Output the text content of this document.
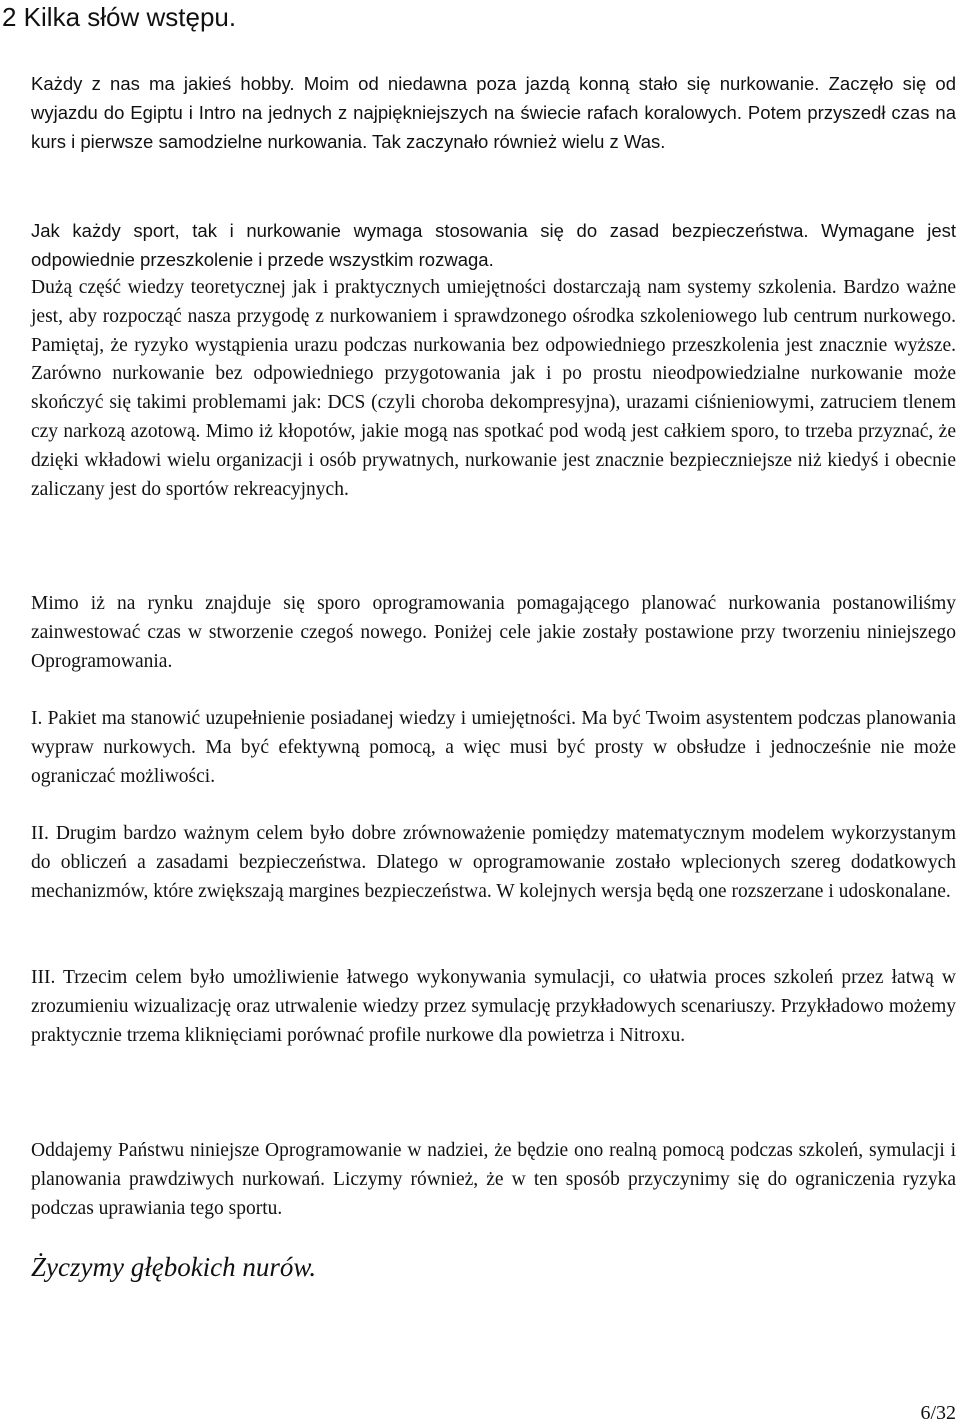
2 Kilka słów wstępu.

Każdy z nas ma jakieś hobby. Moim od niedawna poza jazdą konną stało się nurkowanie. Zaczęło się od wyjazdu do Egiptu i Intro na jednych z najpiękniejszych na świecie rafach koralowych. Potem przyszedł czas na kurs i pierwsze samodzielne nurkowania. Tak zaczynało również wielu z Was.

Jak każdy sport, tak i nurkowanie wymaga stosowania się do zasad bezpieczeństwa. Wymagane jest odpowiednie przeszkolenie i przede wszystkim rozwaga.

Dużą część wiedzy teoretycznej jak i praktycznych umiejętności dostarczają nam systemy szkolenia. Bardzo ważne jest, aby rozpocząć nasza przygodę z nurkowaniem i sprawdzonego ośrodka szkoleniowego lub centrum nurkowego. Pamiętaj, że ryzyko wystąpienia urazu podczas nurkowania bez odpowiedniego przeszkolenia jest znacznie wyższe. Zarówno nurkowanie bez odpowiedniego przygotowania jak i po prostu nieodpowiedzialne nurkowanie może skończyć się takimi problemami jak: DCS (czyli choroba dekompresyjna), urazami ciśnieniowymi, zatruciem tlenem czy narkozą azotową. Mimo iż kłopotów, jakie mogą nas spotkać pod wodą jest całkiem sporo, to trzeba przyznać, że dzięki wkładowi wielu organizacji i osób prywatnych, nurkowanie jest znacznie bezpieczniejsze niż kiedyś i obecnie zaliczany jest do sportów rekreacyjnych.

Mimo iż na rynku znajduje się sporo oprogramowania pomagającego planować nurkowania postanowiliśmy zainwestować czas w stworzenie czegoś nowego. Poniżej cele jakie zostały postawione przy tworzeniu niniejszego Oprogramowania.

I. Pakiet ma stanowić uzupełnienie posiadanej wiedzy i umiejętności. Ma być Twoim asystentem podczas planowania wypraw nurkowych. Ma być efektywną pomocą, a więc musi być prosty w obsłudze i jednocześnie nie może ograniczać możliwości.

II. Drugim bardzo ważnym celem było dobre zrównoważenie pomiędzy matematycznym modelem wykorzystanym do obliczeń a zasadami bezpieczeństwa. Dlatego w oprogramowanie zostało wplecionych szereg dodatkowych mechanizmów, które zwiększają margines bezpieczeństwa. W kolejnych wersja będą one rozszerzane i udoskonalane.

III. Trzecim celem było umożliwienie łatwego wykonywania symulacji, co ułatwia proces szkoleń przez łatwą w zrozumieniu wizualizację oraz utrwalenie wiedzy przez symulację przykładowych scenariuszy. Przykładowo możemy praktycznie trzema kliknięciami porównać profile nurkowe dla powietrza i Nitroxu.

Oddajemy Państwu niniejsze Oprogramowanie w nadziei, że będzie ono realną pomocą podczas szkoleń, symulacji i planowania prawdziwych nurkowań. Liczymy również, że w ten sposób przyczynimy się do ograniczenia ryzyka podczas uprawiania tego sportu.

Życzymy głębokich nurów.

6/32
